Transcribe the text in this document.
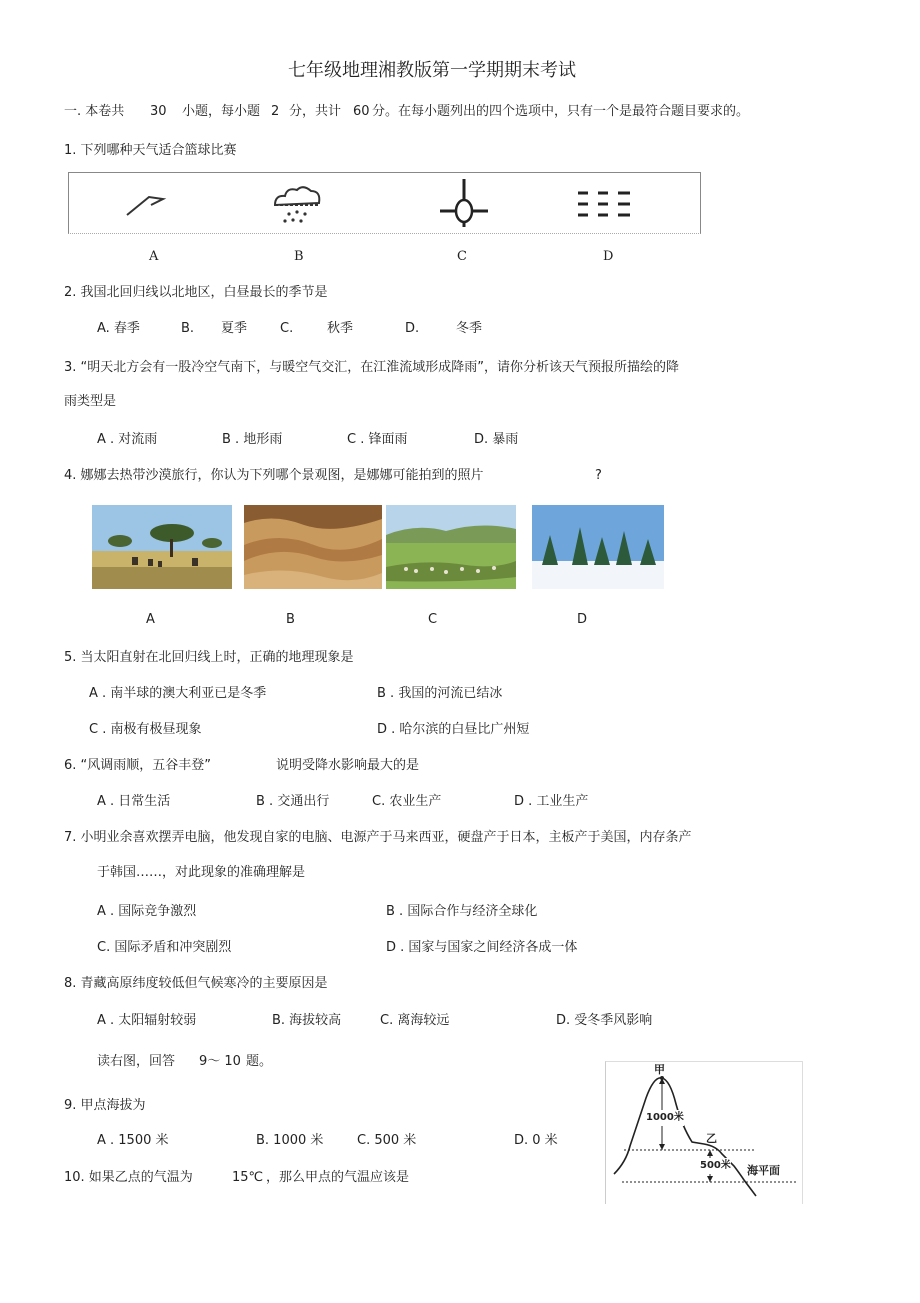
七年级地理湘教版第一学期期末考试
一. 本卷共 30 小题，每小题 2 分，共计 60 分。在每小题列出的四个选项中，只有一个是最符合题目要求的。
1. 下列哪种天气适合篮球比赛
A	B	C	D
2. 我国北回归线以北地区，白昼最长的季节是
A. 春季	B. 夏季	C.	秋季	D.	冬季
3. “明天北方会有一股冷空气南下，与暖空气交汇，在江淮流域形成降雨”，请你分析该天气预报所描绘的降
雨类型是
A . 对流雨	B . 地形雨	C . 锋面雨	D. 暴雨
4. 娜娜去热带沙漠旅行，你认为下列哪个景观图，是娜娜可能拍到的照片	?
A	B	C	D
5. 当太阳直射在北回归线上时，正确的地理现象是
A . 南半球的澳大利亚已是冬季	B . 我国的河流已结冰
C . 南极有极昼现象	D . 哈尔滨的白昼比广州短
6. “风调雨顺，五谷丰登”	说明受降水影响最大的是
A . 日常生活	B . 交通出行	C. 农业生产	D . 工业生产
7. 小明业余喜欢摆弄电脑，他发现自家的电脑、电源产于马来西亚，硬盘产于日本，主板产于美国，内存条产
于韩国……，对此现象的准确理解是
A . 国际竞争激烈	B . 国际合作与经济全球化
C. 国际矛盾和冲突剧烈	D . 国家与国家之间经济各成一体
8. 青藏高原纬度较低但气候寒冷的主要原因是
A . 太阳辐射较弱	B. 海拔较高	C. 离海较远	D. 受冬季风影响
读右图，回答 9～ 10 题。
9. 甲点海拔为
A . 1500 米	B. 1000 米	C. 500 米	D. 0 米
10. 如果乙点的气温为	15℃ ，那么甲点的气温应该是
甲
乙
1000米
500米 海平面
